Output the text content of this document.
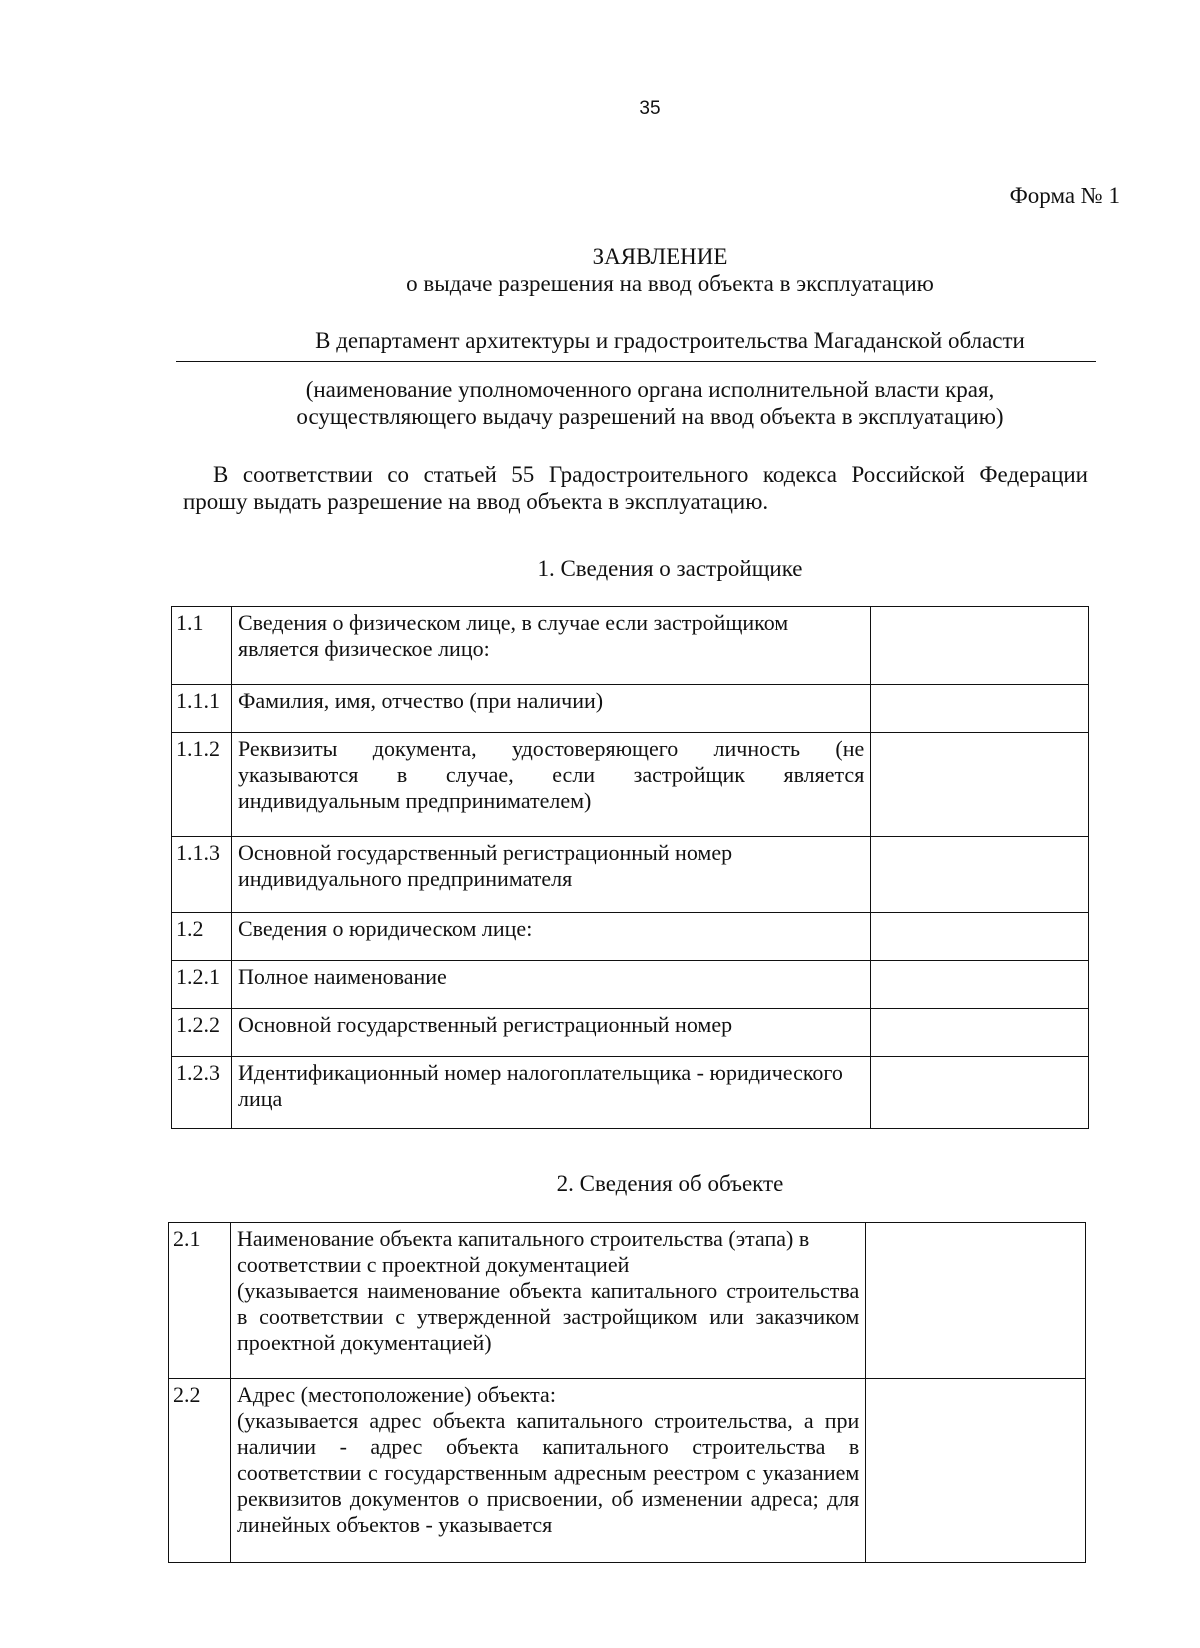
35
Форма № 1
ЗАЯВЛЕНИЕ
о выдаче разрешения на ввод объекта в эксплуатацию
В департамент архитектуры и градостроительства Магаданской области
(наименование уполномоченного органа исполнительной власти края,
осуществляющего выдачу разрешений на ввод объекта в эксплуатацию)
В соответствии со статьей 55 Градостроительного кодекса Российской Федерации прошу выдать разрешение на ввод объекта в эксплуатацию.
1. Сведения о застройщике
1.1	Сведения о физическом лице, в случае если застройщиком является физическое лицо:	
1.1.1	Фамилия, имя, отчество (при наличии)	
1.1.2	Реквизиты документа, удостоверяющего личность (не указываются в случае, если застройщик является индивидуальным предпринимателем)	
1.1.3	Основной государственный регистрационный номер индивидуального предпринимателя	
1.2	Сведения о юридическом лице:	
1.2.1	Полное наименование	
1.2.2	Основной государственный регистрационный номер	
1.2.3	Идентификационный номер налогоплательщика - юридического лица	
2. Сведения об объекте
2.1	Наименование объекта капитального строительства (этапа) в соответствии с проектной документацией
(указывается наименование объекта капитального строительства в соответствии с утвержденной застройщиком или заказчиком проектной документацией)	

2.2	Адрес (местоположение) объекта:
(указывается адрес объекта капитального строительства, а при наличии - адрес объекта капитального строительства в соответствии с государственным адресным реестром с указанием реквизитов документов о присвоении, об изменении адреса; для линейных объектов - указывается	
